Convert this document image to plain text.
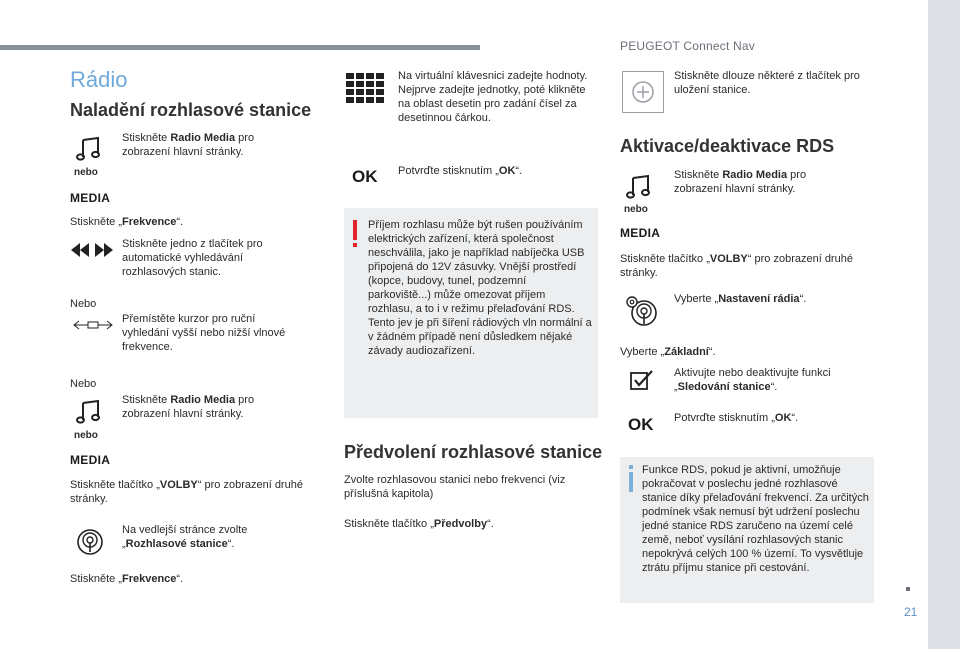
PEUGEOT Connect Nav
21
Rádio
Naladění rozhlasové stanice
nebo
MEDIA
Stiskněte Radio Media pro zobrazení hlavní stránky.
Stiskněte „Frekvence“.
Stiskněte jedno z tlačítek pro automatické vyhledávání rozhlasových stanic.
Nebo
Přemístěte kurzor pro ruční vyhledání vyšší nebo nižší vlnové frekvence.
Nebo
nebo
MEDIA
Stiskněte Radio Media pro zobrazení hlavní stránky.
Stiskněte tlačítko „VOLBY“ pro zobrazení druhé stránky.
Na vedlejší stránce zvolte „Rozhlasové stanice“.
Stiskněte „Frekvence“.
Na virtuální klávesnici zadejte hodnoty.
Nejprve zadejte jednotky, poté klikněte na oblast desetin pro zadání čísel za desetinnou čárkou.
OK Potvrďte stisknutím „OK“.
Příjem rozhlasu může být rušen používáním elektrických zařízení, která společnost neschválila, jako je například nabíječka USB připojená do 12V zásuvky. Vnější prostředí (kopce, budovy, tunel, podzemní parkoviště...) může omezovat příjem rozhlasu, a to i v režimu přelaďování RDS. Tento jev je při šíření rádiových vln normální a v žádném případě není důsledkem nějaké závady audiozařízení.
Předvolení rozhlasové stanice
Zvolte rozhlasovou stanici nebo frekvenci (viz příslušná kapitola)
Stiskněte tlačítko „Předvolby“.
Stiskněte dlouze některé z tlačítek pro uložení stanice.
Aktivace/deaktivace RDS
nebo
MEDIA
Stiskněte Radio Media pro zobrazení hlavní stránky.
Stiskněte tlačítko „VOLBY“ pro zobrazení druhé stránky.
Vyberte „Nastavení rádia“.
Vyberte „Základní“.
Aktivujte nebo deaktivujte funkci „Sledování stanice“.
OK Potvrďte stisknutím „OK“.
Funkce RDS, pokud je aktivní, umožňuje pokračovat v poslechu jedné rozhlasové stanice díky přelaďování frekvencí. Za určitých podmínek však nemusí být udržení poslechu jedné stanice RDS zaručeno na území celé země, neboť vysílání rozhlasových stanic nepokrývá celých 100 % území. To vysvětluje ztrátu příjmu stanice při cestování.
